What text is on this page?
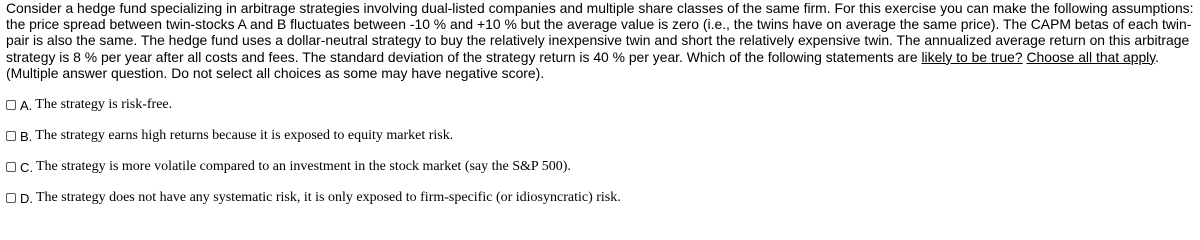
Consider a hedge fund specializing in arbitrage strategies involving dual-listed companies and multiple share classes of the same firm. For this exercise you can make the following assumptions: the price spread between twin-stocks A and B fluctuates between -10 % and +10 % but the average value is zero (i.e., the twins have on average the same price). The CAPM betas of each twin-pair is also the same. The hedge fund uses a dollar-neutral strategy to buy the relatively inexpensive twin and short the relatively expensive twin. The annualized average return on this arbitrage strategy is 8 % per year after all costs and fees. The standard deviation of the strategy return is 40 % per year. Which of the following statements are likely to be true? Choose all that apply. (Multiple answer question. Do not select all choices as some may have negative score).

A. The strategy is risk-free.
B. The strategy earns high returns because it is exposed to equity market risk.
C. The strategy is more volatile compared to an investment in the stock market (say the S&P 500).
D. The strategy does not have any systematic risk, it is only exposed to firm-specific (or idiosyncratic) risk.
